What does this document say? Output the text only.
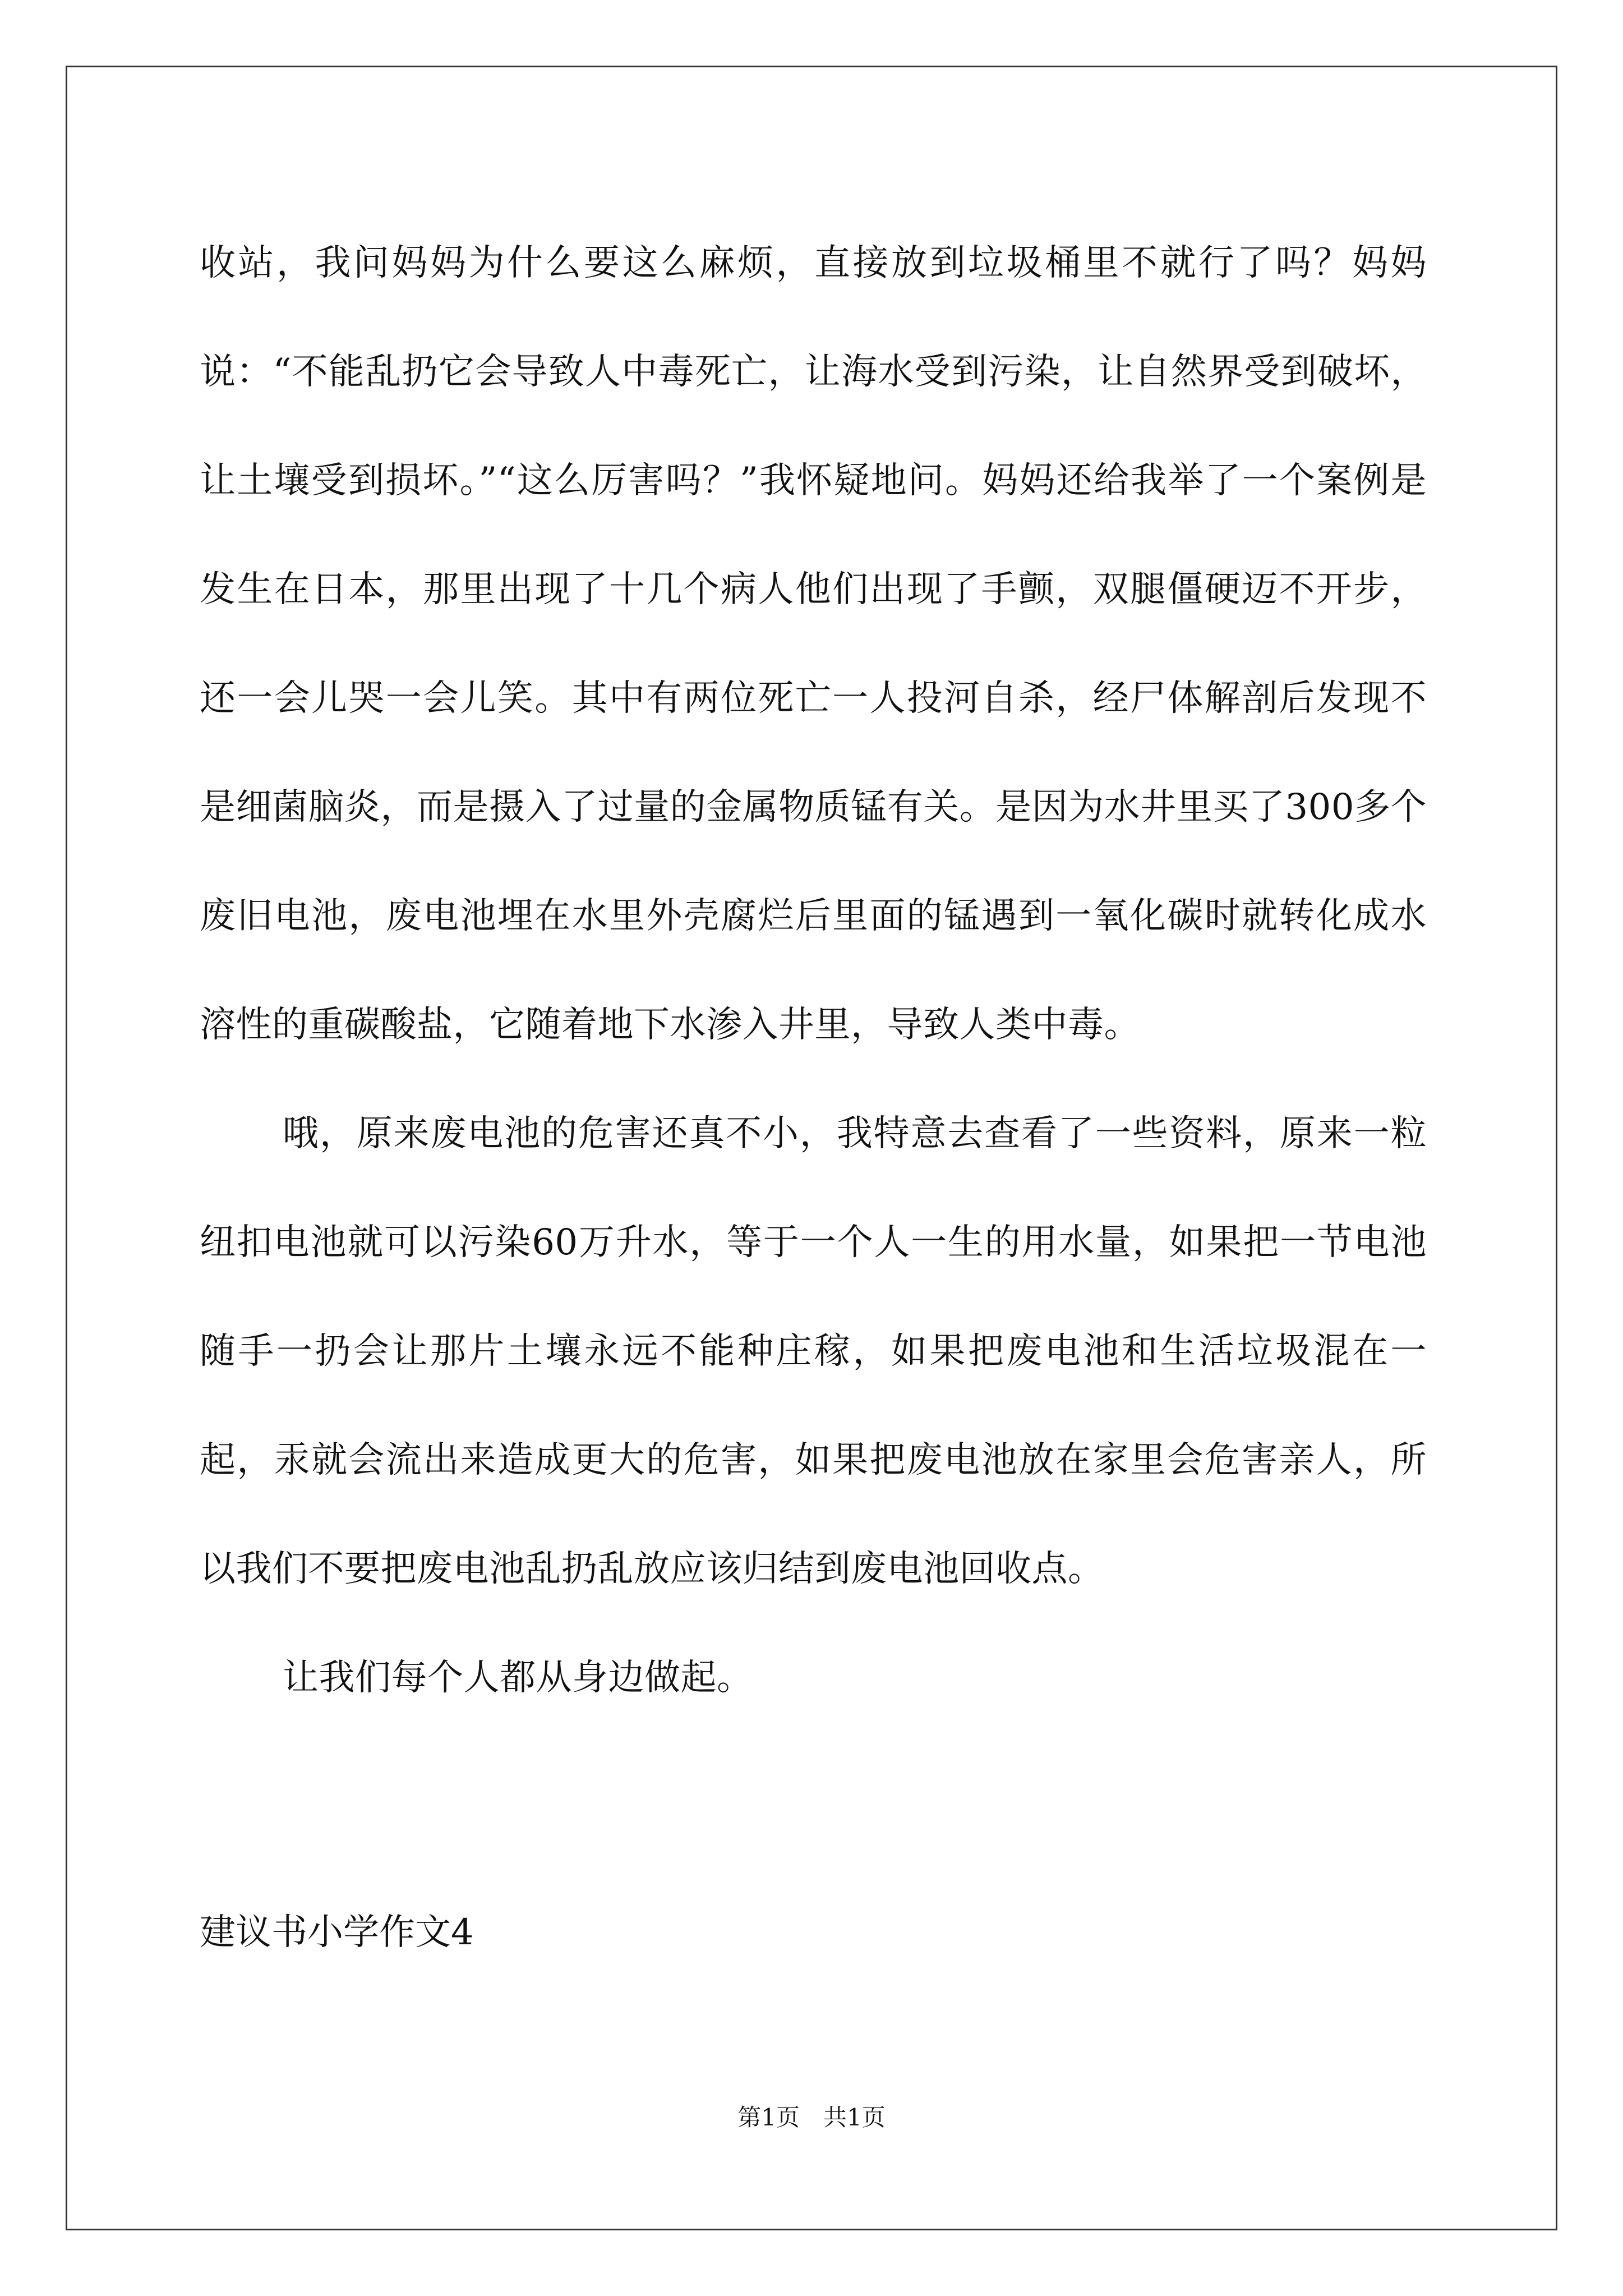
收站，我问妈妈为什么要这么麻烦，直接放到垃圾桶里不就行了吗？妈妈说：“不能乱扔它会导致人中毒死亡，让海水受到污染，让自然界受到破坏，让土壤受到损坏。”“这么厉害吗？”我怀疑地问。妈妈还给我举了一个案例是发生在日本，那里出现了十几个病人他们出现了手颤，双腿僵硬迈不开步，还一会儿哭一会儿笑。其中有两位死亡一人投河自杀，经尸体解剖后发现不是细菌脑炎，而是摄入了过量的金属物质锰有关。是因为水井里买了300多个废旧电池，废电池埋在水里外壳腐烂后里面的锰遇到一氧化碳时就转化成水溶性的重碳酸盐，它随着地下水渗入井里，导致人类中毒。

哦，原来废电池的危害还真不小，我特意去查看了一些资料，原来一粒纽扣电池就可以污染60万升水，等于一个人一生的用水量，如果把一节电池随手一扔会让那片土壤永远不能种庄稼，如果把废电池和生活垃圾混在一起，汞就会流出来造成更大的危害，如果把废电池放在家里会危害亲人，所以我们不要把废电池乱扔乱放应该归结到废电池回收点。

让我们每个人都从身边做起。

建议书小学作文4
第1页　共1页
